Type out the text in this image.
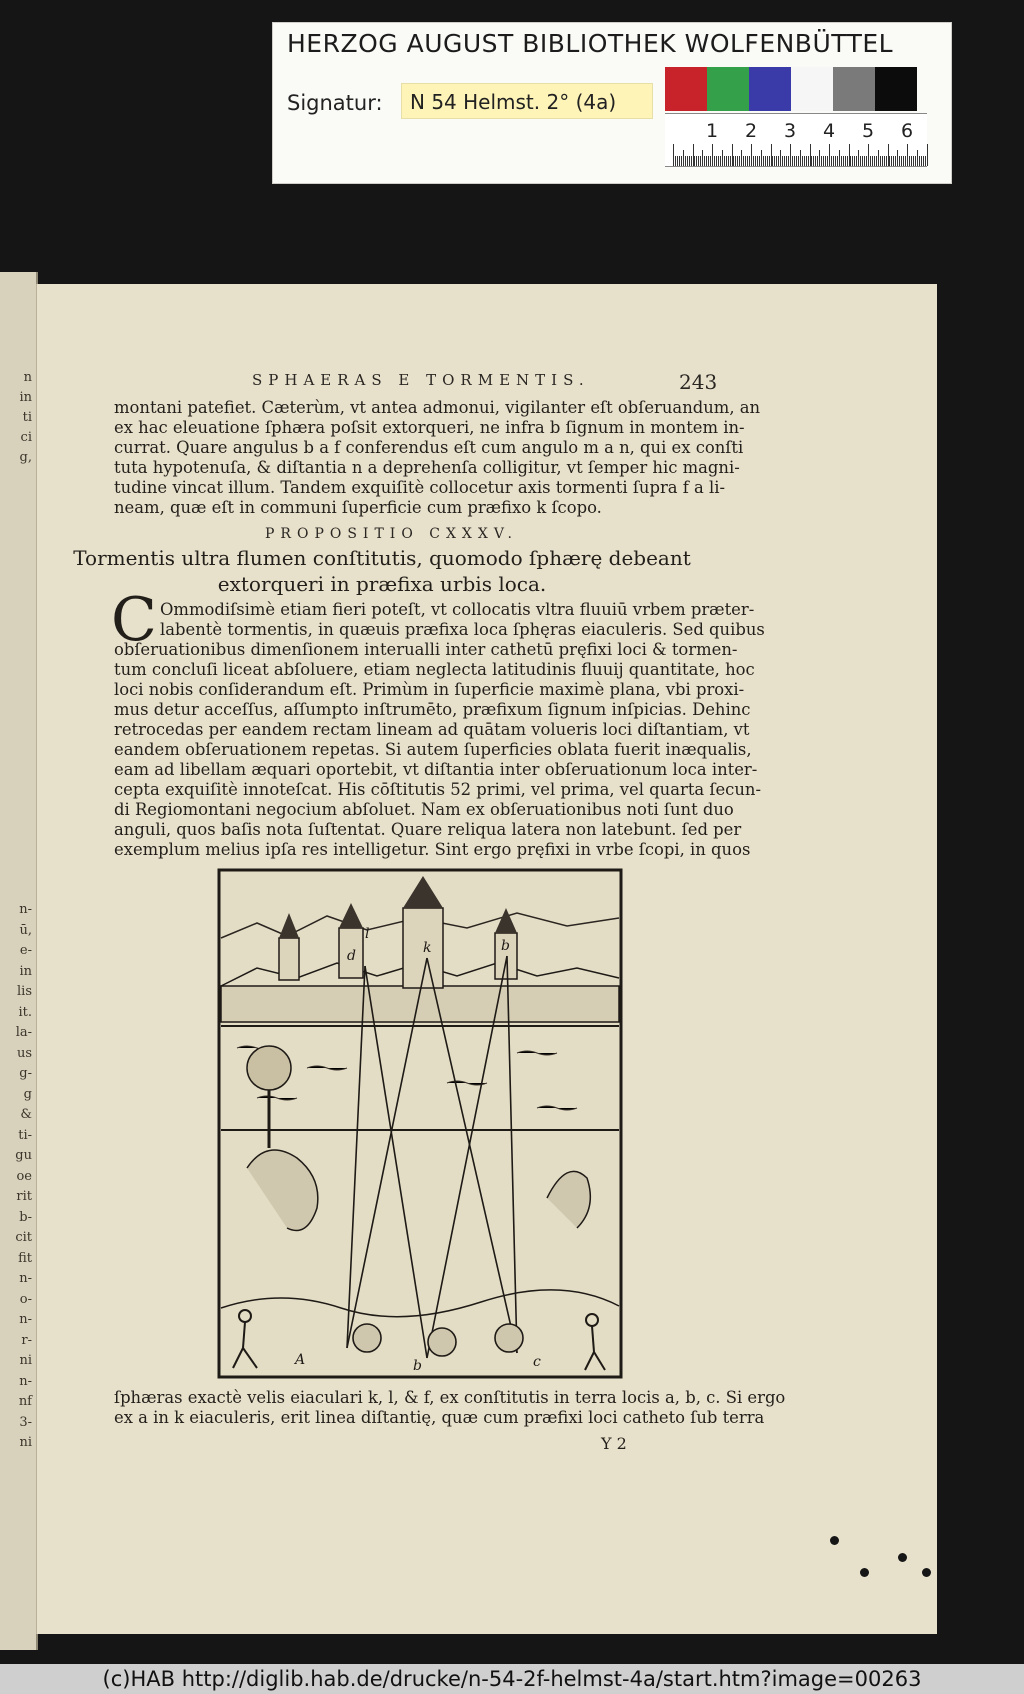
HERZOG AUGUST BIBLIOTHEK WOLFENBÜTTEL
Signatur:	N 54 Helmst. 2° (4a)
1 2 3 4 5 6
n
in
ti
ci
g,
n-
ū,
e-
in
lis
it.
la-
us
g-
g
&
ti-
gu
oe
rit
b-
cit
fit
n-
o-
n-
r-
ni
n-
nf
3-
ni
SPHAERAS E TORMENTIS.	243
montani patefiet. Cæterùm, vt antea admonui, vigilanter eſt obſeruandum, an
ex hac eleuatione ſphæra poſsit extorqueri, ne infra b ſignum in montem in-
currat. Quare angulus b a f conferendus eſt cum angulo m a n, qui ex conſti
tuta hypotenuſa, & diſtantia n a deprehenſa colligitur, vt ſemper hic magni-
tudine vincat illum. Tandem exquiſitè collocetur axis tormenti ſupra f a li-
neam, quæ eſt in communi ſuperficie cum præfixo k ſcopo.
PROPOSITIO CXXXV.
Tormentis ultra flumen conſtitutis, quomodo ſphærę debeant
extorqueri in præfixa urbis loca.
C Ommodiſsimè etiam fieri poteſt, vt collocatis vltra fluuiū vrbem præter-
labentè tormentis, in quæuis præfixa loca ſphęras eiaculeris. Sed quibus
obſeruationibus dimenſionem interualli inter cathetū pręfixi loci & tormen-
tum concluſi liceat abſoluere, etiam neglecta latitudinis fluuij quantitate, hoc
loci nobis conſiderandum eſt. Primùm in ſuperficie maximè plana, vbi proxi-
mus detur acceſſus, aſſumpto inſtrumēto, præfixum ſignum inſpicias. Dehinc
retrocedas per eandem rectam lineam ad quātam volueris loci diſtantiam, vt
eandem obſeruationem repetas. Si autem ſuperficies oblata fuerit inæqualis,
eam ad libellam æquari oportebit, vt diſtantia inter obſeruationum loca inter-
cepta exquiſitè innoteſcat. His cōſtitutis 52 primi, vel prima, vel quarta ſecun-
di Regiomontani negocium abſoluet. Nam ex obſeruationibus noti ſunt duo
anguli, quos baſis nota ſuſtentat. Quare reliqua latera non latebunt. ſed per
exemplum melius ipſa res intelligetur. Sint ergo pręfixi in vrbe ſcopi, in quos
d	k	b
l
A	b	c
ſphæras exactè velis eiaculari k, l, & f, ex conſtitutis in terra locis a, b, c. Si ergo
ex a in k eiaculeris, erit linea diſtantię, quæ cum præfixi loci catheto ſub terra
Y 2
(c)HAB http://diglib.hab.de/drucke/n-54-2f-helmst-4a/start.htm?image=00263
